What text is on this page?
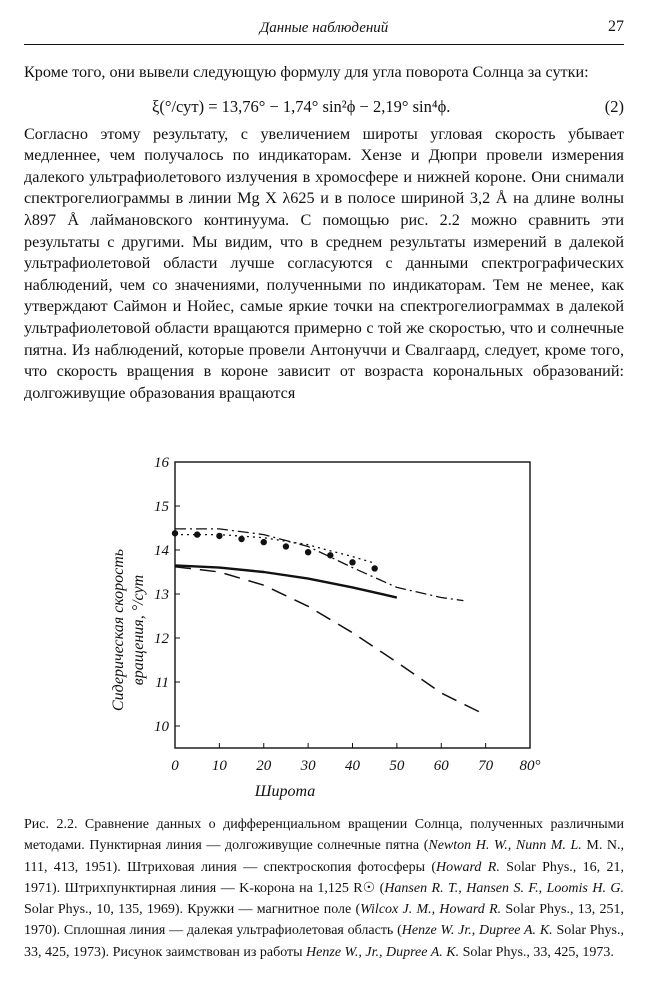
Данные наблюдений	27

Кроме того, они вывели следующую формулу для угла поворота Солнца за сутки:

ξ(°/сут) = 13,76° − 1,74° sin²ϕ − 2,19° sin⁴ϕ.	(2)

Согласно этому результату, с увеличением широты угловая скорость убывает медленнее, чем получалось по индикаторам. Хензе и Дюпри провели измерения далекого ультрафиолетового излучения в хромосфере и нижней короне. Они снимали спектрогелиограммы в линии Mg X λ625 и в полосе шириной 3,2 Å на длине волны λ897 Å лаймановского континуума. С помощью рис. 2.2 можно сравнить эти результаты с другими. Мы видим, что в среднем результаты измерений в далекой ультрафиолетовой области лучше согласуются с данными спектрографических наблюдений, чем со значениями, полученными по индикаторам. Тем не менее, как утверждают Саймон и Нойес, самые яркие точки на спектрогелиограммах в далекой ультрафиолетовой области вращаются примерно с той же скоростью, что и солнечные пятна. Из наблюдений, которые провели Антонуччи и Свалгаард, следует, кроме того, что скорость вращения в короне зависит от возраста корональных образований: долгоживущие образования вращаются

0 10 20 30 40 50 60 70 80°
10
11
12
13
14
15
16
Широта
Сидерическая скорость вращения, °/сут
Рис. 2.2. Сравнение данных о дифференциальном вращении Солнца, полученных различными методами. Пунктирная линия — долгоживущие солнечные пятна (Newton H. W., Nunn M. L. M. N., 111, 413, 1951). Штриховая линия — спектроскопия фотосферы (Howard R. Solar Phys., 16, 21, 1971). Штрихпунктирная линия — K-корона на 1,125 R☉ (Hansen R. T., Hansen S. F., Loomis H. G. Solar Phys., 10, 135, 1969). Кружки — магнитное поле (Wilcox J. M., Howard R. Solar Phys., 13, 251, 1970). Сплошная линия — далекая ультрафиолетовая область (Henze W. Jr., Dupree A. K. Solar Phys., 33, 425, 1973). Рисунок заимствован из работы Henze W., Jr., Dupree A. K. Solar Phys., 33, 425, 1973.
